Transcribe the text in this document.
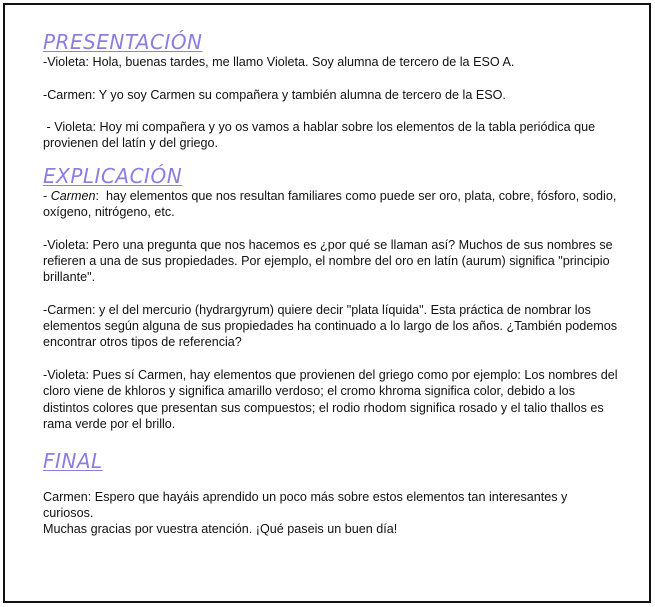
PRESENTACIÓN

-Violeta: Hola, buenas tardes, me llamo Violeta. Soy alumna de tercero de la ESO A.

-Carmen: Y yo soy Carmen su compañera y también alumna de tercero de la ESO.

- Violeta: Hoy mi compañera y yo os vamos a hablar sobre los elementos de la tabla periódica que provienen del latín y del griego.

EXPLICACIÓN

- Carmen:  hay elementos que nos resultan familiares como puede ser oro, plata, cobre, fósforo, sodio, oxígeno, nitrógeno, etc.

-Violeta: Pero una pregunta que nos hacemos es ¿por qué se llaman así? Muchos de sus nombres se refieren a una de sus propiedades. Por ejemplo, el nombre del oro en latín (aurum) significa "principio brillante".

-Carmen: y el del mercurio (hydrargyrum) quiere decir "plata líquida". Esta práctica de nombrar los elementos según alguna de sus propiedades ha continuado a lo largo de los años. ¿También podemos encontrar otros tipos de referencia?

-Violeta: Pues sí Carmen, hay elementos que provienen del griego como por ejemplo: Los nombres del cloro viene de khloros y significa amarillo verdoso; el cromo khroma significa color, debido a los distintos colores que presentan sus compuestos; el rodio rhodom significa rosado y el talio thallos es rama verde por el brillo.

FINAL

Carmen: Espero que hayáis aprendido un poco más sobre estos elementos tan interesantes y curiosos.

Muchas gracias por vuestra atención. ¡Qué paseis un buen día!
